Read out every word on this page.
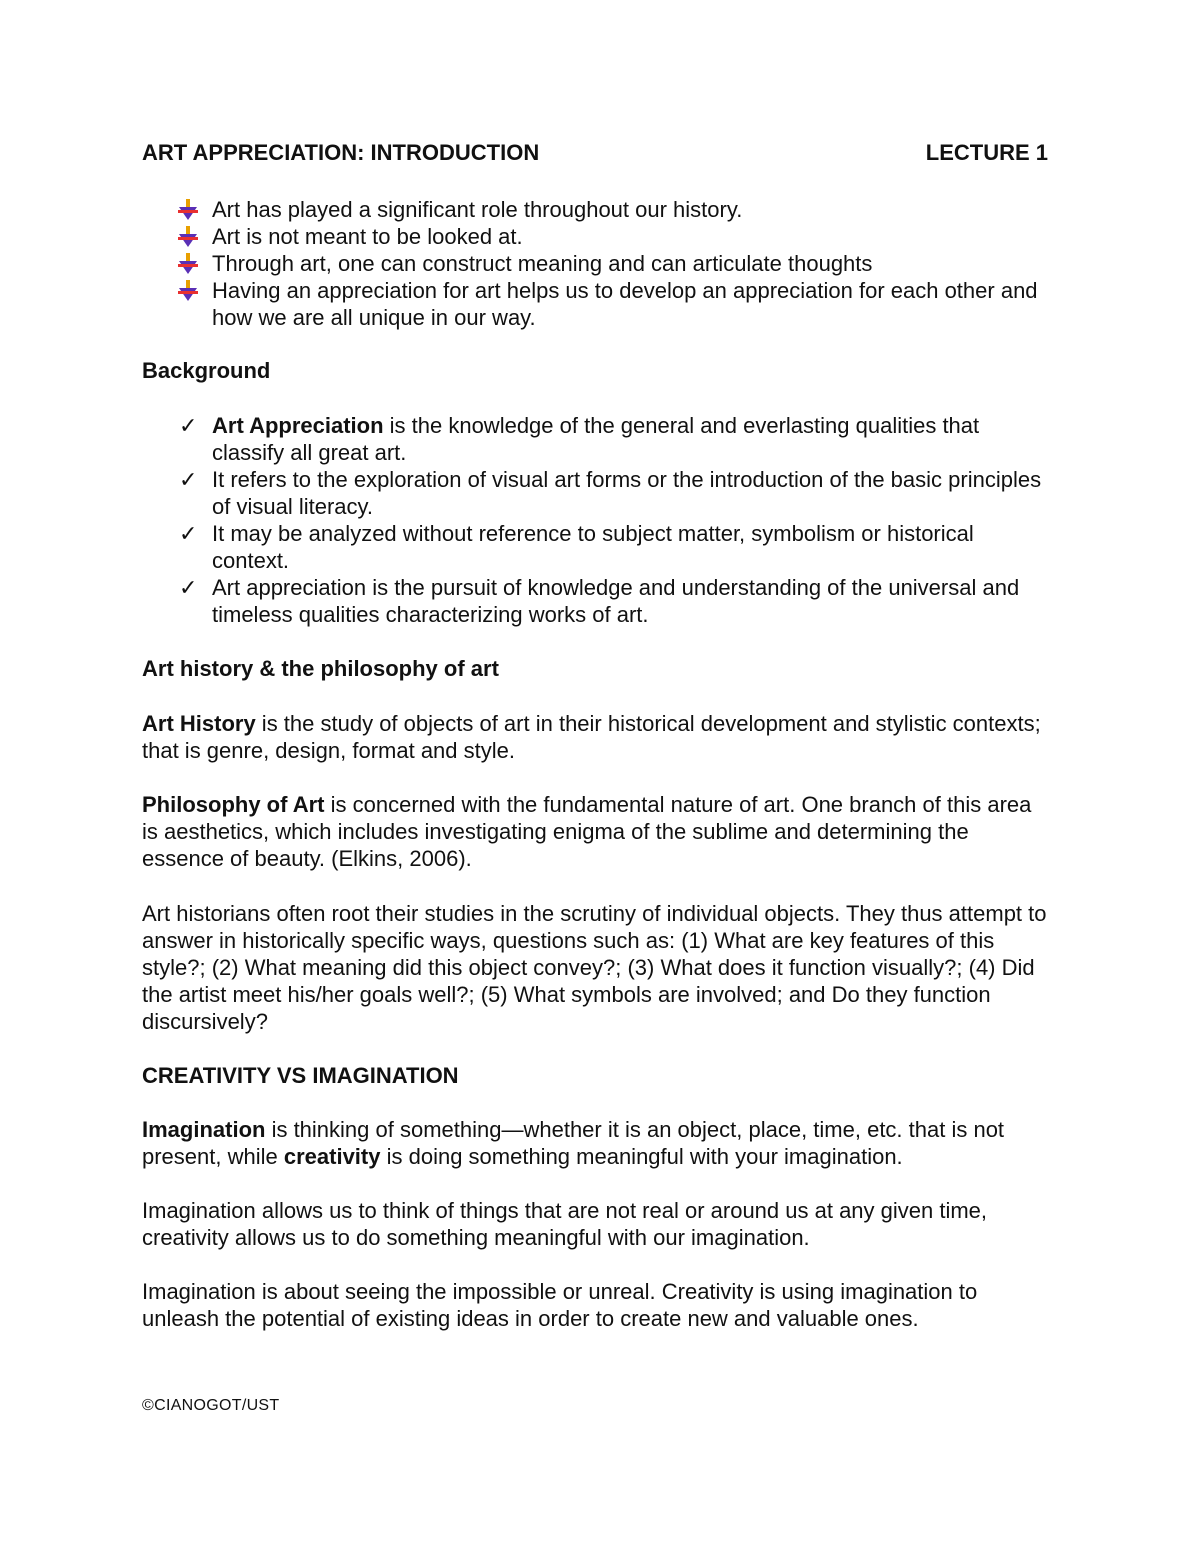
ART APPRECIATION: INTRODUCTION	LECTURE 1
Art has played a significant role throughout our history.
Art is not meant to be looked at.
Through art, one can construct meaning and can articulate thoughts
Having an appreciation for art helps us to develop an appreciation for each other and how we are all unique in our way.

Background

✓ Art Appreciation is the knowledge of the general and everlasting qualities that classify all great art.
✓ It refers to the exploration of visual art forms or the introduction of the basic principles of visual literacy.
✓ It may be analyzed without reference to subject matter, symbolism or historical context.
✓ Art appreciation is the pursuit of knowledge and understanding of the universal and timeless qualities characterizing works of art.

Art history & the philosophy of art

Art History is the study of objects of art in their historical development and stylistic contexts; that is genre, design, format and style.

Philosophy of Art is concerned with the fundamental nature of art. One branch of this area is aesthetics, which includes investigating enigma of the sublime and determining the essence of beauty. (Elkins, 2006).

Art historians often root their studies in the scrutiny of individual objects. They thus attempt to answer in historically specific ways, questions such as: (1) What are key features of this style?; (2) What meaning did this object convey?; (3) What does it function visually?; (4) Did the artist meet his/her goals well?; (5) What symbols are involved; and Do they function discursively?

CREATIVITY VS IMAGINATION

Imagination is thinking of something—whether it is an object, place, time, etc. that is not present, while creativity is doing something meaningful with your imagination.

Imagination allows us to think of things that are not real or around us at any given time, creativity allows us to do something meaningful with our imagination.

Imagination is about seeing the impossible or unreal. Creativity is using imagination to unleash the potential of existing ideas in order to create new and valuable ones.

©CIANOGOT/UST
